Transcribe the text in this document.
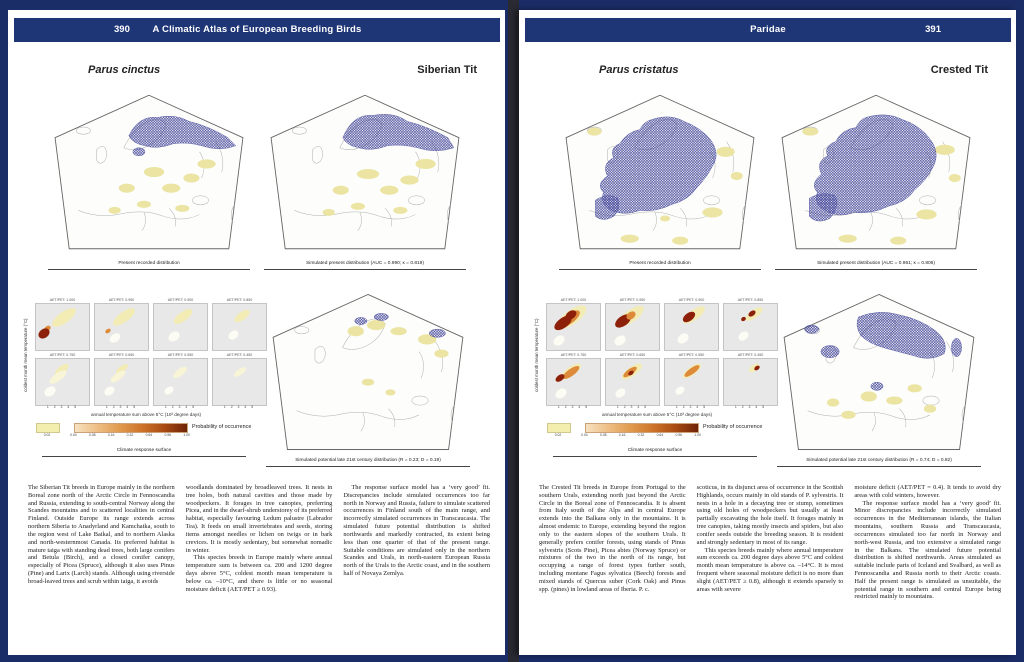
390	A Climatic Atlas of European Breeding Birds
Parus cinctus	Siberian Tit
Present recorded distribution	Simulated present distribution (AUC = 0.990; κ = 0.819)
coldest month mean temperature (°C)
AET/PET: 1.000	AET/PET: 0.950	AET/PET: 0.900	AET/PET: 0.850
AET/PET: 0.750	AET/PET: 0.650	AET/PET: 0.550	AET/PET: 0.450
1 2 3 4 5	1 2 3 4 5	1 2 3 4 5	1 2 3 4 5
annual temperature sum above 5°C (10³ degree days)
0.02	0.04	0.08	0.16	0.32	0.64	0.96	1.00
Probability of occurrence
Climate response surface
Simulated potential late 21st century distribution (R = 0.23; D = 0.19)

The Siberian Tit breeds in Europe mainly in the northern Boreal zone north of the Arctic Circle in Fennoscandia and Russia, extending to south-central Norway along the Scandes mountains and to scattered localities in central Finland. Outside Europe its range extends across northern Siberia to Anadyrland and Kamchatka, south to the region west of Lake Baikal, and to northern Alaska and north-westernmost Canada. Its preferred habitat is mature taiga with standing dead trees, both large conifers and Betula (Birch), and a closed conifer canopy, especially of Picea (Spruce), although it also uses Pinus (Pine) and Larix (Larch) stands. Although using riverside broad-leaved trees and scrub within taiga, it avoids

woodlands dominated by broadleaved trees. It nests in tree holes, both natural cavities and those made by woodpeckers. It forages in tree canopies, preferring Picea, and in the dwarf-shrub understorey of its preferred habitat, especially favouring Ledum palustre (Labrador Tea). It feeds on small invertebrates and seeds, storing items amongst needles or lichen on twigs or in bark crevices. It is mostly sedentary, but somewhat nomadic in winter.

This species breeds in Europe mainly where annual temperature sum is between ca. 200 and 1200 degree days above 5°C, coldest month mean temperature is below ca. –10°C, and there is little or no seasonal moisture deficit (AET/PET ≥ 0.93).

The response surface model has a ‘very good’ fit. Discrepancies include simulated occurrences too far north in Norway and Russia, failure to simulate scattered occurrences in Finland south of the main range, and incorrectly simulated occurrences in Transcaucasia. The simulated future potential distribution is shifted northwards and markedly contracted, its extent being less than one quarter of that of the present range. Suitable conditions are simulated only in the northern Scandes and Urals, in north-eastern European Russia north of the Urals to the Arctic coast, and in the southern half of Novaya Zemlya.

Paridae	391
Parus cristatus	Crested Tit
Present recorded distribution	Simulated present distribution (AUC = 0.961; κ = 0.806)
coldest month mean temperature (°C)
AET/PET: 1.000	AET/PET: 0.950	AET/PET: 0.900	AET/PET: 0.850
AET/PET: 0.750	AET/PET: 0.650	AET/PET: 0.550	AET/PET: 0.450
1 2 3 4 5	1 2 3 4 5	1 2 3 4 5	1 2 3 4 5
annual temperature sum above 5°C (10³ degree days)
0.02	0.04	0.08	0.16	0.32	0.64	0.96	1.00
Probability of occurrence
Climate response surface
Simulated potential late 21st century distribution (R = 0.74; D = 0.82)

The Crested Tit breeds in Europe from Portugal to the southern Urals, extending north just beyond the Arctic Circle in the Boreal zone of Fennoscandia. It is absent from Italy south of the Alps and in central Europe extends into the Balkans only in the mountains. It is almost endemic to Europe, extending beyond the region only to the eastern slopes of the southern Urals. It generally prefers conifer forests, using stands of Pinus sylvestris (Scots Pine), Picea abies (Norway Spruce) or mixtures of the two in the north of its range, but occupying a range of forest types further south, including montane Fagus sylvatica (Beech) forests and mixed stands of Quercus suber (Cork Oak) and Pinus spp. (pines) in lowland areas of Iberia. P. c.

scoticus, in its disjunct area of occurrence in the Scottish Highlands, occurs mainly in old stands of P. sylvestris. It nests in a hole in a decaying tree or stump, sometimes using old holes of woodpeckers but usually at least partially excavating the hole itself. It forages mainly in tree canopies, taking mostly insects and spiders, but also conifer seeds outside the breeding season. It is resident and strongly sedentary in most of its range.

This species breeds mainly where annual temperature sum exceeds ca. 200 degree days above 5°C and coldest month mean temperature is above ca. –14°C. It is most frequent where seasonal moisture deficit is no more than slight (AET/PET ≥ 0.8), although it extends sparsely to areas with severe

moisture deficit (AET/PET = 0.4). It tends to avoid dry areas with cold winters, however.

The response surface model has a ‘very good’ fit. Minor discrepancies include incorrectly simulated occurrences in the Mediterranean islands, the Italian mountains, southern Russia and Transcaucasia, occurrences simulated too far north in Norway and north-west Russia, and too extensive a simulated range in the Balkans. The simulated future potential distribution is shifted northwards. Areas simulated as suitable include parts of Iceland and Svalbard, as well as Fennoscandia and Russia north to their Arctic coasts. Half the present range is simulated as unsuitable, the potential range in southern and central Europe being restricted mainly to mountains.
